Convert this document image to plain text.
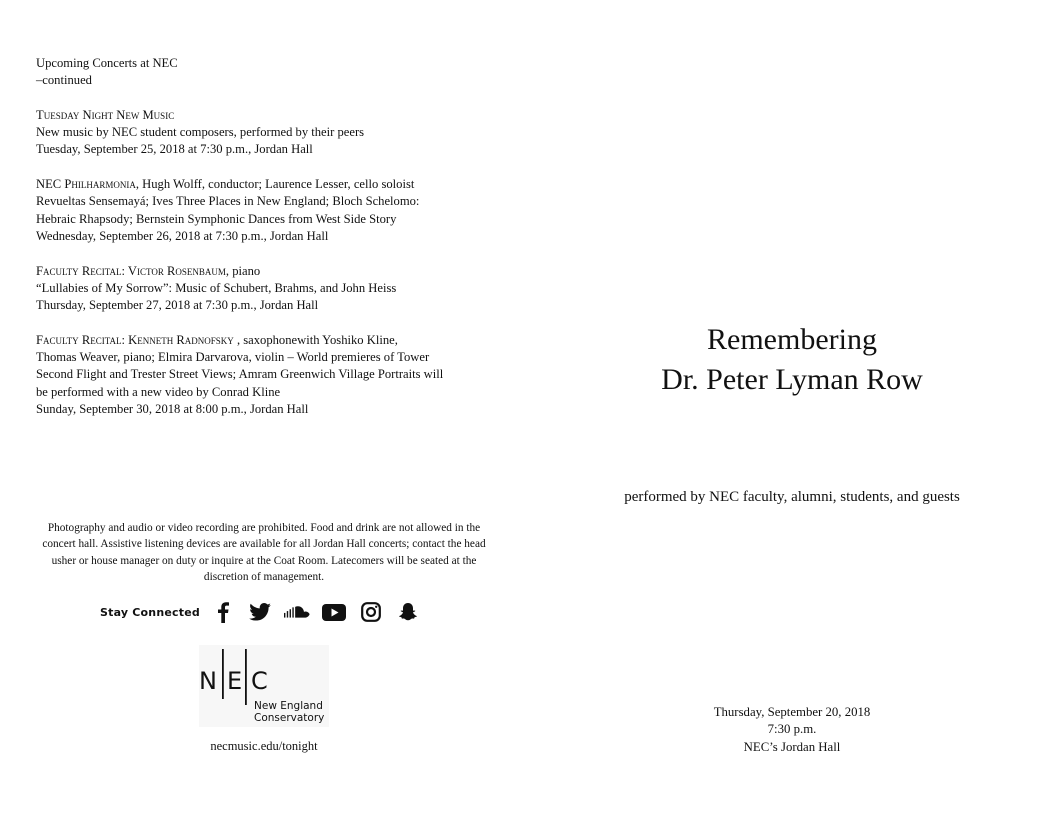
Upcoming Concerts at NEC

–continued

Tuesday Night New Music

New music by NEC student composers, performed by their peers

Tuesday, September 25, 2018 at 7:30 p.m., Jordan Hall

NEC Philharmonia, Hugh Wolff, conductor; Laurence Lesser, cello soloist

Revueltas Sensemayá; Ives Three Places in New England; Bloch Schelomo:

Hebraic Rhapsody; Bernstein Symphonic Dances from West Side Story

Wednesday, September 26, 2018 at 7:30 p.m., Jordan Hall

Faculty Recital: Victor Rosenbaum, piano

“Lullabies of My Sorrow”: Music of Schubert, Brahms, and John Heiss

Thursday, September 27, 2018 at 7:30 p.m., Jordan Hall

Faculty Recital: Kenneth Radnofsky , saxophonewith Yoshiko Kline,

Thomas Weaver, piano; Elmira Darvarova, violin – World premieres of Tower

Second Flight and Trester Street Views; Amram Greenwich Village Portraits will

be performed with a new video by Conrad Kline

Sunday, September 30, 2018 at 8:00 p.m., Jordan Hall

Photography and audio or video recording are prohibited. Food and drink are not allowed in the concert hall. Assistive listening devices are available for all Jordan Hall concerts; contact the head usher or house manager on duty or inquire at the Coat Room. Latecomers will be seated at the discretion of management.
Stay Connected
N E C
New England
Conservatory
necmusic.edu/tonight
Remembering
Dr. Peter Lyman Row
performed by NEC faculty, alumni, students, and guests
Thursday, September 20, 2018
7:30 p.m.
NEC’s Jordan Hall
